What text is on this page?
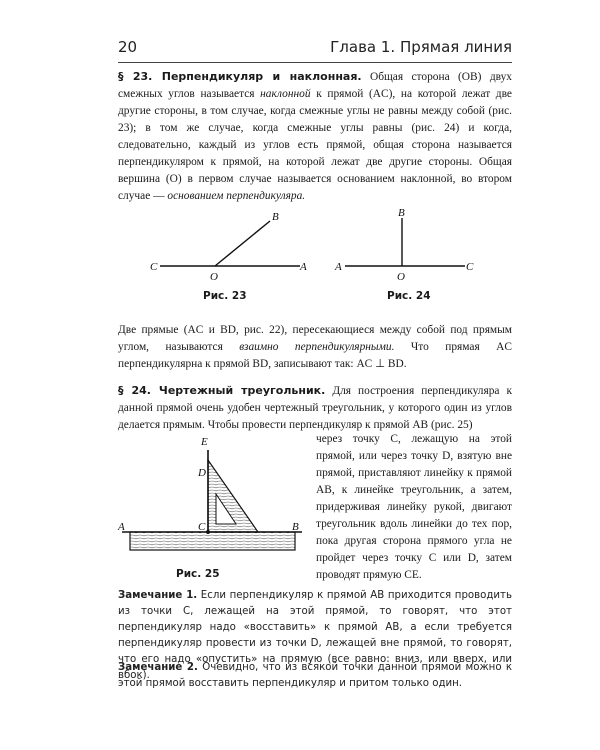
20	Глава 1. Прямая линия
§ 23. Перпендикуляр и наклонная. Общая сторона (OB) двух смежных углов называется наклонной к прямой (AC), на которой лежат две другие стороны, в том случае, когда смежные углы не равны между собой (рис. 23); в том же случае, когда смежные углы равны (рис. 24) и когда, следовательно, каждый из углов есть прямой, общая сторона называется перпендикуляром к прямой, на которой лежат две другие стороны. Общая вершина (O) в первом случае называется основанием наклонной, во втором случае — основанием перпендикуляра.
C
O
A
B
Рис. 23
A
O
C
B
Рис. 24
Две прямые (AC и BD, рис. 22), пересекающиеся между собой под прямым углом, называются взаимно перпендикулярными. Что прямая AC перпендикулярна к прямой BD, записывают так: AC ⊥ BD.
§ 24. Чертежный треугольник. Для построения перпендикуляра к данной прямой очень удобен чертежный треугольник, у которого один из углов делается прямым. Чтобы провести перпендикуляр к прямой AB (рис. 25)
E
D
A	C	B
Рис. 25
через точку C, лежащую на этой прямой, или через точку D, взятую вне прямой, приставляют линейку к прямой AB, к линейке треугольник, а затем, придерживая линейку рукой, двигают треугольник вдоль линейки до тех пор, пока другая сторона прямого угла не пройдет через точку C или D, затем проводят прямую CE.
Замечание 1. Если перпендикуляр к прямой AB приходится проводить из точки C, лежащей на этой прямой, то говорят, что этот перпендикуляр надо «восставить» к прямой AB, а если требуется перпендикуляр провести из точки D, лежащей вне прямой, то говорят, что его надо «опустить» на прямую (все равно: вниз, или вверх, или вбок).
Замечание 2. Очевидно, что из всякой точки данной прямой можно к этой прямой восставить перпендикуляр и притом только один.
